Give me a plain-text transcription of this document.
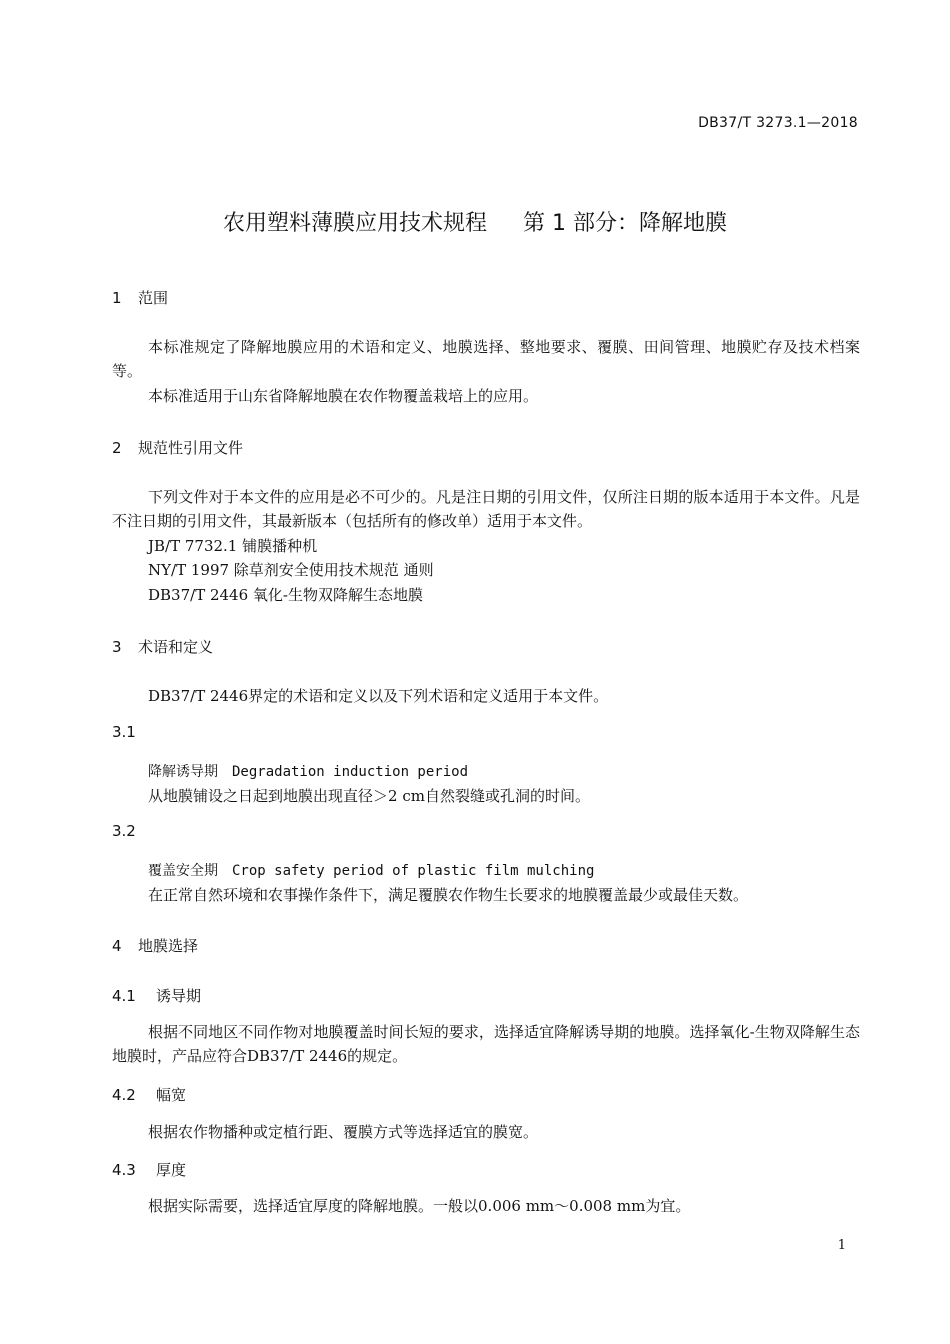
DB37/T 3273.1—2018
农用塑料薄膜应用技术规程 第 1 部分：降解地膜
1 范围
本标准规定了降解地膜应用的术语和定义、地膜选择、整地要求、覆膜、田间管理、地膜贮存及技术档案等。
本标准适用于山东省降解地膜在农作物覆盖栽培上的应用。
2 规范性引用文件
下列文件对于本文件的应用是必不可少的。凡是注日期的引用文件，仅所注日期的版本适用于本文件。凡是不注日期的引用文件，其最新版本（包括所有的修改单）适用于本文件。
JB/T 7732.1 铺膜播种机
NY/T 1997 除草剂安全使用技术规范 通则
DB37/T 2446 氧化-生物双降解生态地膜
3 术语和定义
DB37/T 2446界定的术语和定义以及下列术语和定义适用于本文件。
3.1
降解诱导期 Degradation induction period
从地膜铺设之日起到地膜出现直径＞2 cm自然裂缝或孔洞的时间。
3.2
覆盖安全期 Crop safety period of plastic film mulching
在正常自然环境和农事操作条件下，满足覆膜农作物生长要求的地膜覆盖最少或最佳天数。
4 地膜选择
4.1 诱导期
根据不同地区不同作物对地膜覆盖时间长短的要求，选择适宜降解诱导期的地膜。选择氧化-生物双降解生态地膜时，产品应符合DB37/T 2446的规定。
4.2 幅宽
根据农作物播种或定植行距、覆膜方式等选择适宜的膜宽。
4.3 厚度
根据实际需要，选择适宜厚度的降解地膜。一般以0.006 mm～0.008 mm为宜。
1
